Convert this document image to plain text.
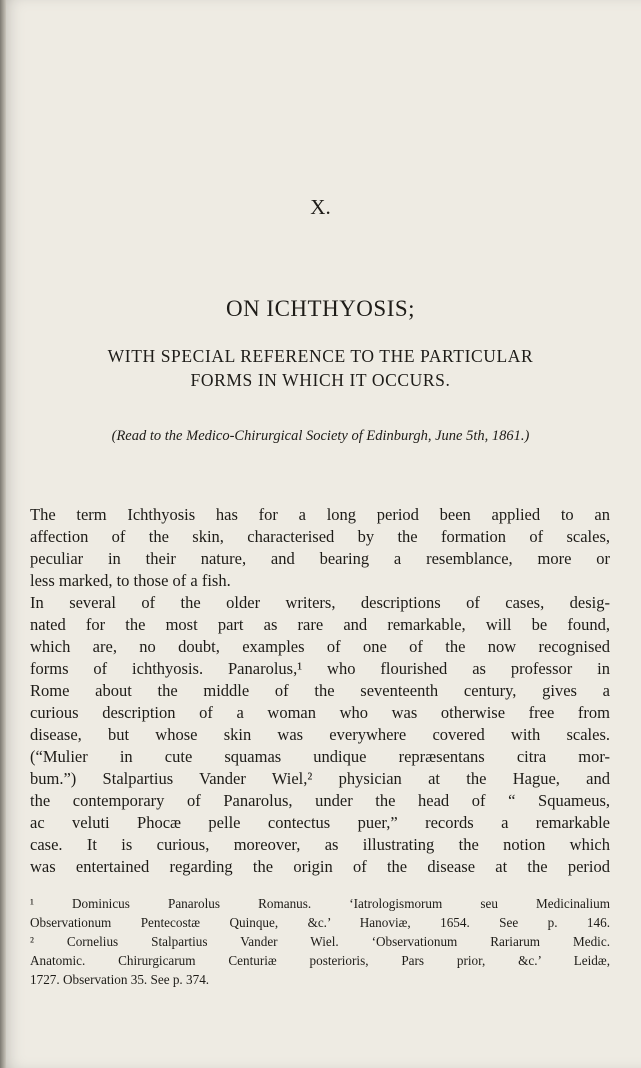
X.
ON ICHTHYOSIS;
WITH SPECIAL REFERENCE TO THE PARTICULAR
FORMS IN WHICH IT OCCURS.
(Read to the Medico-Chirurgical Society of Edinburgh, June 5th, 1861.)
The term Ichthyosis has for a long period been applied to an
affection of the skin, characterised by the formation of scales,
peculiar in their nature, and bearing a resemblance, more or
less marked, to those of a fish.
In several of the older writers, descriptions of cases, desig-
nated for the most part as rare and remarkable, will be found,
which are, no doubt, examples of one of the now recognised
forms of ichthyosis. Panarolus,¹ who flourished as professor in
Rome about the middle of the seventeenth century, gives a
curious description of a woman who was otherwise free from
disease, but whose skin was everywhere covered with scales.
(“Mulier in cute squamas undique repræsentans citra mor-
bum.”) Stalpartius Vander Wiel,² physician at the Hague, and
the contemporary of Panarolus, under the head of “ Squameus,
ac veluti Phocæ pelle contectus puer,” records a remarkable
case. It is curious, moreover, as illustrating the notion which
was entertained regarding the origin of the disease at the period
¹ Dominicus Panarolus Romanus. ‘Iatrologismorum seu Medicinalium
Observationum Pentecostæ Quinque, &c.’ Hanoviæ, 1654. See p. 146.
² Cornelius Stalpartius Vander Wiel. ‘Observationum Rariarum Medic.
Anatomic. Chirurgicarum Centuriæ posterioris, Pars prior, &c.’ Leidæ,
1727. Observation 35. See p. 374.
